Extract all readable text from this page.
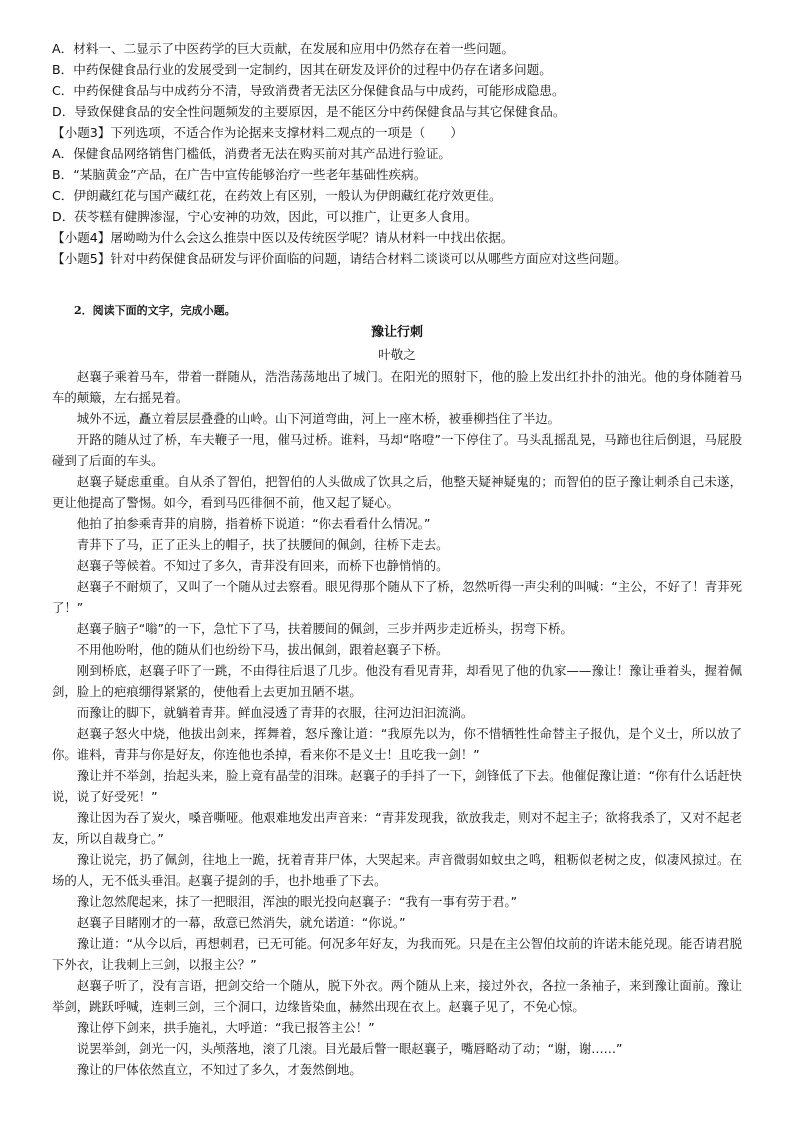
A．材料一、二显示了中医药学的巨大贡献，在发展和应用中仍然存在着一些问题。
B．中药保健食品行业的发展受到一定制约，因其在研发及评价的过程中仍存在诸多问题。
C．中药保健食品与中成药分不清，导致消费者无法区分保健食品与中成药，可能形成隐患。
D．导致保健食品的安全性问题频发的主要原因，是不能区分中药保健食品与其它保健食品。
【小题3】下列选项，不适合作为论据来支撑材料二观点的一项是（　　）
A．保健食品网络销售门槛低，消费者无法在购买前对其产品进行验证。
B．“某脑黄金”产品，在广告中宣传能够治疗一些老年基础性疾病。
C．伊朗藏红花与国产藏红花，在药效上有区别，一般认为伊朗藏红花疗效更佳。
D．茯苓糕有健脾渗湿，宁心安神的功效，因此，可以推广，让更多人食用。
【小题4】屠呦呦为什么会这么推崇中医以及传统医学呢？请从材料一中找出依据。
【小题5】针对中药保健食品研发与评价面临的问题，请结合材料二谈谈可以从哪些方面应对这些问题。
2．阅读下面的文字，完成小题。
豫让行刺
叶敬之
赵襄子乘着马车，带着一群随从，浩浩荡荡地出了城门。在阳光的照射下，他的脸上发出红扑扑的油光。他的身体随着马车的颠簸，左右摇晃着。
城外不远，矗立着层层叠叠的山岭。山下河道弯曲，河上一座木桥，被垂柳挡住了半边。
开路的随从过了桥，车夫鞭子一甩，催马过桥。谁料，马却“咯噔”一下停住了。马头乱摇乱晃，马蹄也往后倒退，马屁股碰到了后面的车头。
赵襄子疑虑重重。自从杀了智伯，把智伯的人头做成了饮具之后，他整天疑神疑鬼的；而智伯的臣子豫让刺杀自己未遂，更让他提高了警惕。如今，看到马匹徘徊不前，他又起了疑心。
他拍了拍参乘青荓的肩膀，指着桥下说道：“你去看看什么情况。”
青荓下了马，正了正头上的帽子，扶了扶腰间的佩剑，往桥下走去。
赵襄子等候着。不知过了多久，青荓没有回来，而桥下也静悄悄的。
赵襄子不耐烦了，又叫了一个随从过去察看。眼见得那个随从下了桥，忽然听得一声尖利的叫喊：“主公，不好了！青荓死了！”
赵襄子脑子“嗡”的一下，急忙下了马，扶着腰间的佩剑，三步并两步走近桥头，拐弯下桥。
不用他吩咐，他的随从们也纷纷下马，拔出佩剑，跟着赵襄子下桥。
刚到桥底，赵襄子吓了一跳，不由得往后退了几步。他没有看见青荓，却看见了他的仇家——豫让！豫让垂着头，握着佩剑，脸上的疤痕绷得紧紧的，使他看上去更加丑陋不堪。
而豫让的脚下，就躺着青荓。鲜血浸透了青荓的衣服，往河边汩汩流淌。
赵襄子怒火中烧，他拔出剑来，挥舞着，怒斥豫让道：“我原先以为，你不惜牺牲性命替主子报仇，是个义士，所以放了你。谁料，青荓与你是好友，你连他也杀掉，看来你不是义士！且吃我一剑！”
豫让并不举剑，抬起头来，脸上竟有晶莹的泪珠。赵襄子的手抖了一下，剑锋低了下去。他催促豫让道：“你有什么话赶快说，说了好受死！”
豫让因为吞了炭火，嗓音嘶哑。他艰难地发出声音来：“青荓发现我，欲放我走，则对不起主子；欲将我杀了，又对不起老友，所以自裁身亡。”
豫让说完，扔了佩剑，往地上一跪，抚着青荓尸体，大哭起来。声音微弱如蚊虫之鸣，粗粝似老树之皮，似凄风掠过。在场的人，无不低头垂泪。赵襄子提剑的手，也扑地垂了下去。
豫让忽然爬起来，抹了一把眼泪，浑浊的眼光投向赵襄子：“我有一事有劳于君。”
赵襄子目睹刚才的一幕，敌意已然消失，就允诺道：“你说。”
豫让道：“从今以后，再想刺君，已无可能。何况多年好友，为我而死。只是在主公智伯坟前的许诺未能兑现。能否请君脱下外衣，让我刺上三剑，以报主公？”
赵襄子听了，没有言语，把剑交给一个随从，脱下外衣。两个随从上来，接过外衣，各拉一条袖子，来到豫让面前。豫让举剑，跳跃呼喊，连刺三剑，三个洞口，边缘皆染血，赫然出现在衣上。赵襄子见了，不免心惊。
豫让停下剑来，拱手施礼，大呼道：“我已报答主公！”
说罢举剑，剑光一闪，头颅落地，滚了几滚。目光最后瞥一眼赵襄子，嘴唇略动了动；“谢，谢……”
豫让的尸体依然直立，不知过了多久，才轰然倒地。
